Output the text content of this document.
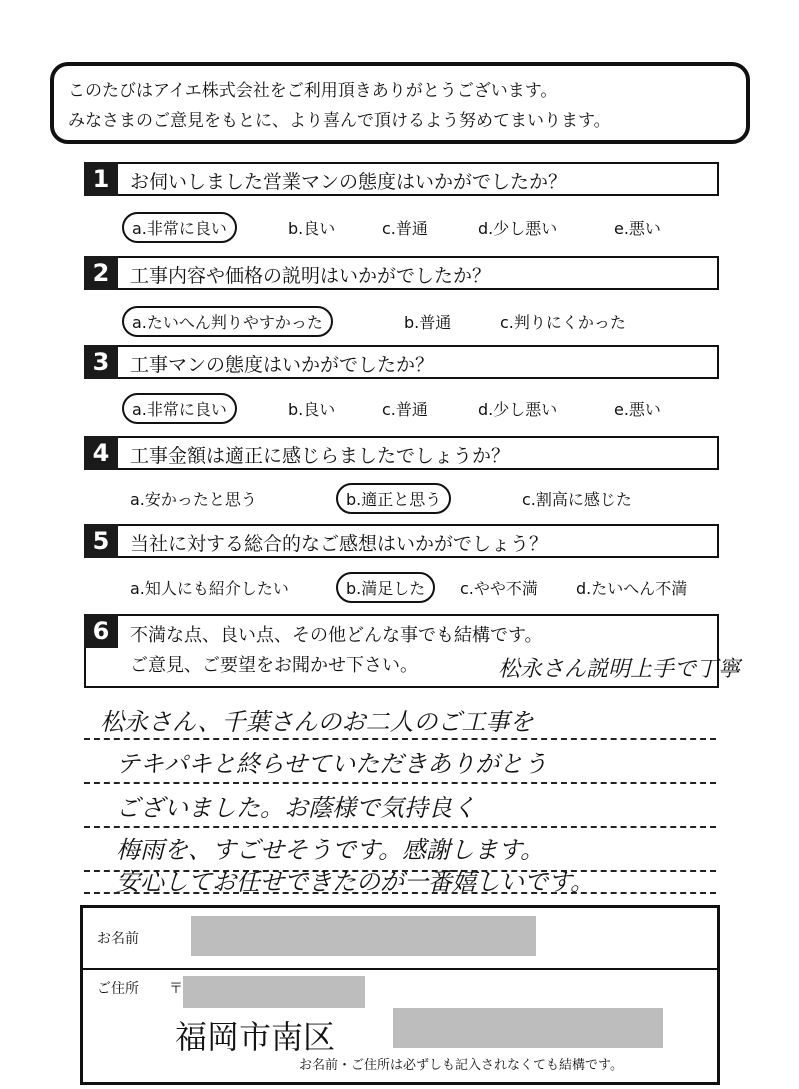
このたびはアイエ株式会社をご利用頂きありがとうございます。
みなさまのご意見をもとに、より喜んで頂けるよう努めてまいります。
1	お伺いしました営業マンの態度はいかがでしたか？
a.非常に良い	b.良い	c.普通	d.少し悪い	e.悪い
2	工事内容や価格の説明はいかがでしたか？
a.たいへん判りやすかった	b.普通	c.判りにくかった
3	工事マンの態度はいかがでしたか？
a.非常に良い	b.良い	c.普通	d.少し悪い	e.悪い
4	工事金額は適正に感じらましたでしょうか？
a.安かったと思う	b.適正と思う	c.割高に感じた
5	当社に対する総合的なご感想はいかがでしょう？
a.知人にも紹介したい	b.満足した	c.やや不満 d.たいへん不満
6	不満な点、良い点、その他どんな事でも結構です。
ご意見、ご要望をお聞かせ下さい。	松永さん説明上手で丁寧
松永さん、千葉さんのお二人のご工事を
テキパキと終らせていただきありがとう
ございました。お蔭様で気持良く
梅雨を、すごせそうです。感謝します。
安心してお任せできたのが一番嬉しいです。
お名前
ご住所 〒
福岡市南区
お名前・ご住所は必ずしも記入されなくても結構です。
